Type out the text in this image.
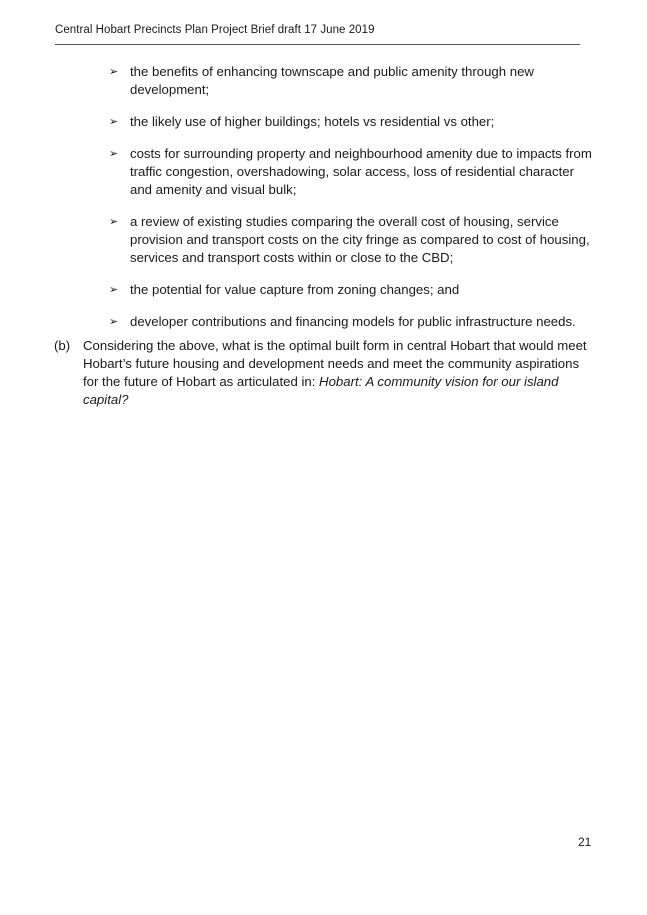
Central Hobart Precincts Plan Project Brief draft 17 June 2019
➢ the benefits of enhancing townscape and public amenity through new development;
➢ the likely use of higher buildings; hotels vs residential vs other;
➢ costs for surrounding property and neighbourhood amenity due to impacts from traffic congestion, overshadowing, solar access, loss of residential character and amenity and visual bulk;
➢ a review of existing studies comparing the overall cost of housing, service provision and transport costs on the city fringe as compared to cost of housing, services and transport costs within or close to the CBD;
➢ the potential for value capture from zoning changes; and
➢ developer contributions and financing models for public infrastructure needs.
(b) Considering the above, what is the optimal built form in central Hobart that would meet Hobart’s future housing and development needs and meet the community aspirations for the future of Hobart as articulated in: Hobart: A community vision for our island capital?
21
